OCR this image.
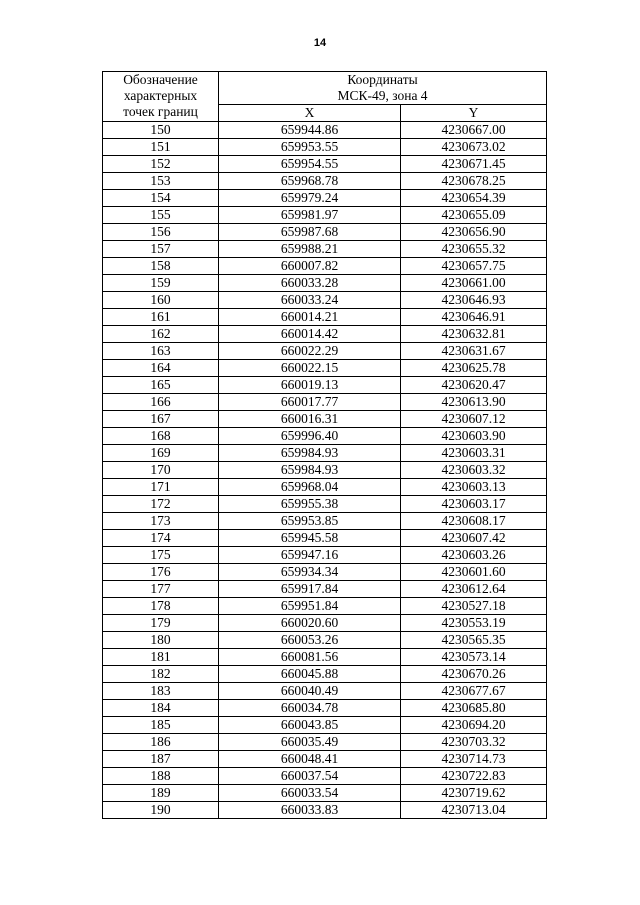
14
Обозначение
характерных
точек границ	Координаты
МСК-49, зона 4	

	X	Y
150	659944.86	4230667.00
151	659953.55	4230673.02
152	659954.55	4230671.45
153	659968.78	4230678.25
154	659979.24	4230654.39
155	659981.97	4230655.09
156	659987.68	4230656.90
157	659988.21	4230655.32
158	660007.82	4230657.75
159	660033.28	4230661.00
160	660033.24	4230646.93
161	660014.21	4230646.91
162	660014.42	4230632.81
163	660022.29	4230631.67
164	660022.15	4230625.78
165	660019.13	4230620.47
166	660017.77	4230613.90
167	660016.31	4230607.12
168	659996.40	4230603.90
169	659984.93	4230603.31
170	659984.93	4230603.32
171	659968.04	4230603.13
172	659955.38	4230603.17
173	659953.85	4230608.17
174	659945.58	4230607.42
175	659947.16	4230603.26
176	659934.34	4230601.60
177	659917.84	4230612.64
178	659951.84	4230527.18
179	660020.60	4230553.19
180	660053.26	4230565.35
181	660081.56	4230573.14
182	660045.88	4230670.26
183	660040.49	4230677.67
184	660034.78	4230685.80
185	660043.85	4230694.20
186	660035.49	4230703.32
187	660048.41	4230714.73
188	660037.54	4230722.83
189	660033.54	4230719.62
190	660033.83	4230713.04
